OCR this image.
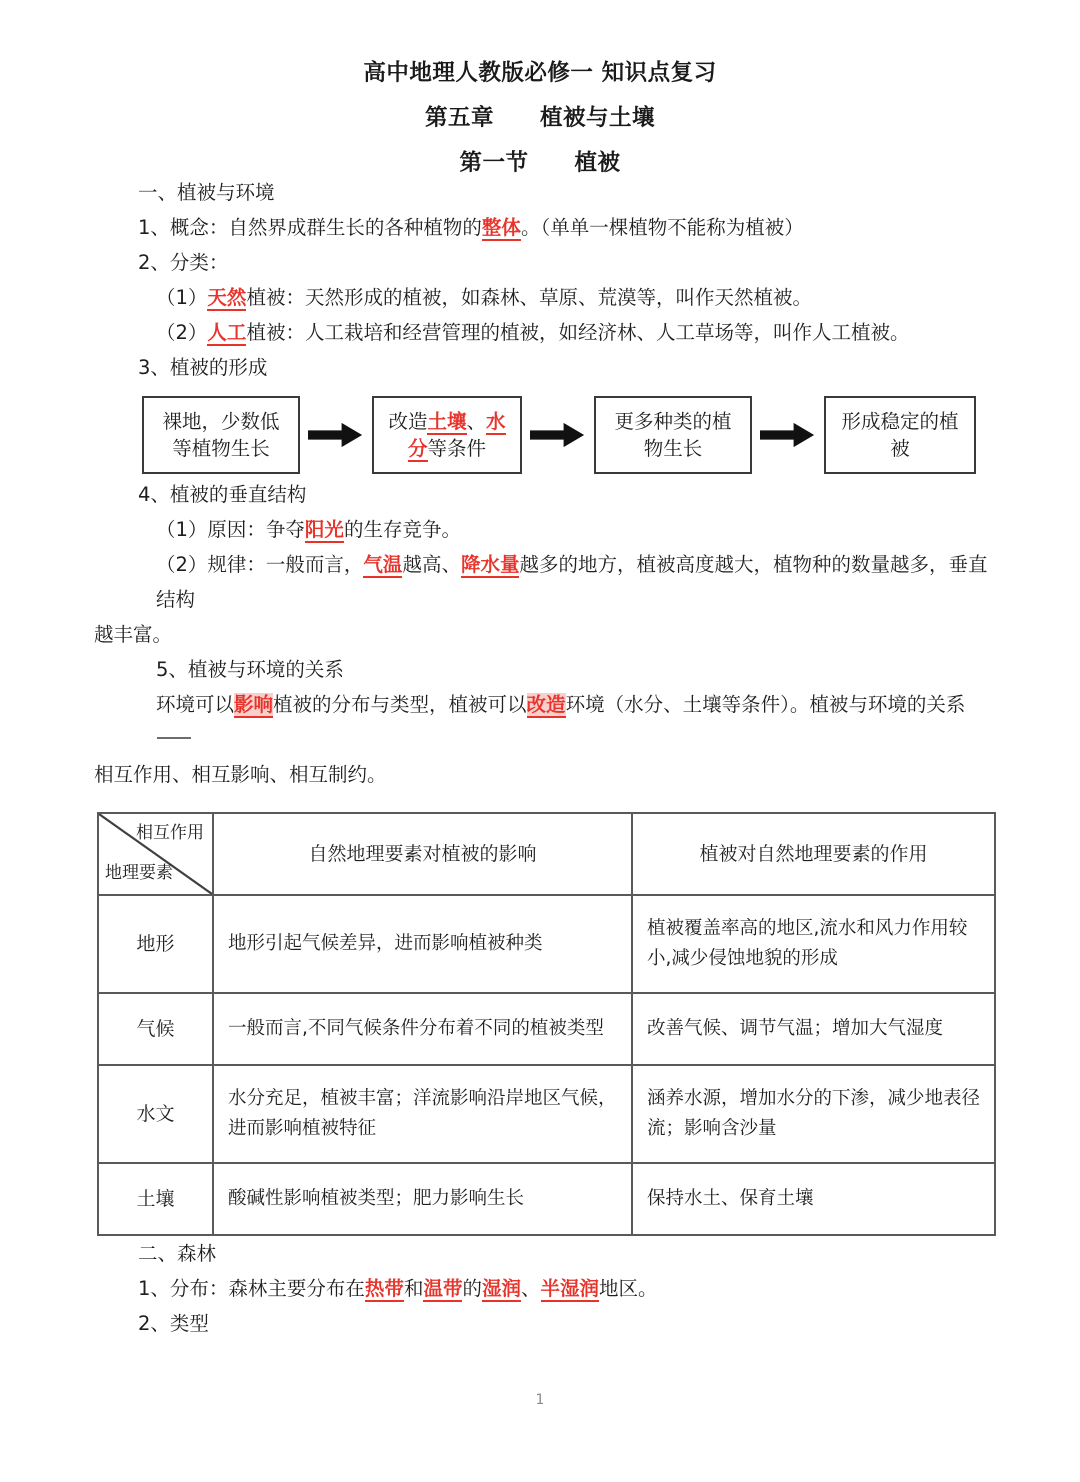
高中地理人教版必修一 知识点复习
第五章　　植被与土壤
第一节　　植被

一、植被与环境

1、概念：自然界成群生长的各种植物的整体。（单单一棵植物不能称为植被）

2、分类：

（1）天然植被：天然形成的植被，如森林、草原、荒漠等，叫作天然植被。

（2）人工植被：人工栽培和经营管理的植被，如经济林、人工草场等，叫作人工植被。

3、植被的形成

裸地，少数低 等植物生长
改造土壤、水 分等条件
更多种类的植 物生长
形成稳定的植 被

4、植被的垂直结构

（1）原因：争夺阳光的生存竞争。

（2）规律：一般而言，气温越高、降水量越多的地方，植被高度越大，植物种的数量越多，垂直结构

越丰富。

5、植被与环境的关系

环境可以影响植被的分布与类型，植被可以改造环境（水分、土壤等条件）。植被与环境的关系

相互作用、相互影响、相互制约。

相互作用
地理要素	自然地理要素对植被的影响	植被对自然地理要素的作用
地形	地形引起气候差异，进而影响植被种类	植被覆盖率高的地区,流水和风力作用较小,减少侵蚀地貌的形成
气候	一般而言,不同气候条件分布着不同的植被类型	改善气候、调节气温；增加大气湿度
水文	水分充足，植被丰富；洋流影响沿岸地区气候，进而影响植被特征	涵养水源，增加水分的下渗，减少地表径流；影响含沙量
土壤	酸碱性影响植被类型；肥力影响生长	保持水土、保育土壤

二、森林

1、分布：森林主要分布在热带和温带的湿润、半湿润地区。

2、类型

1
